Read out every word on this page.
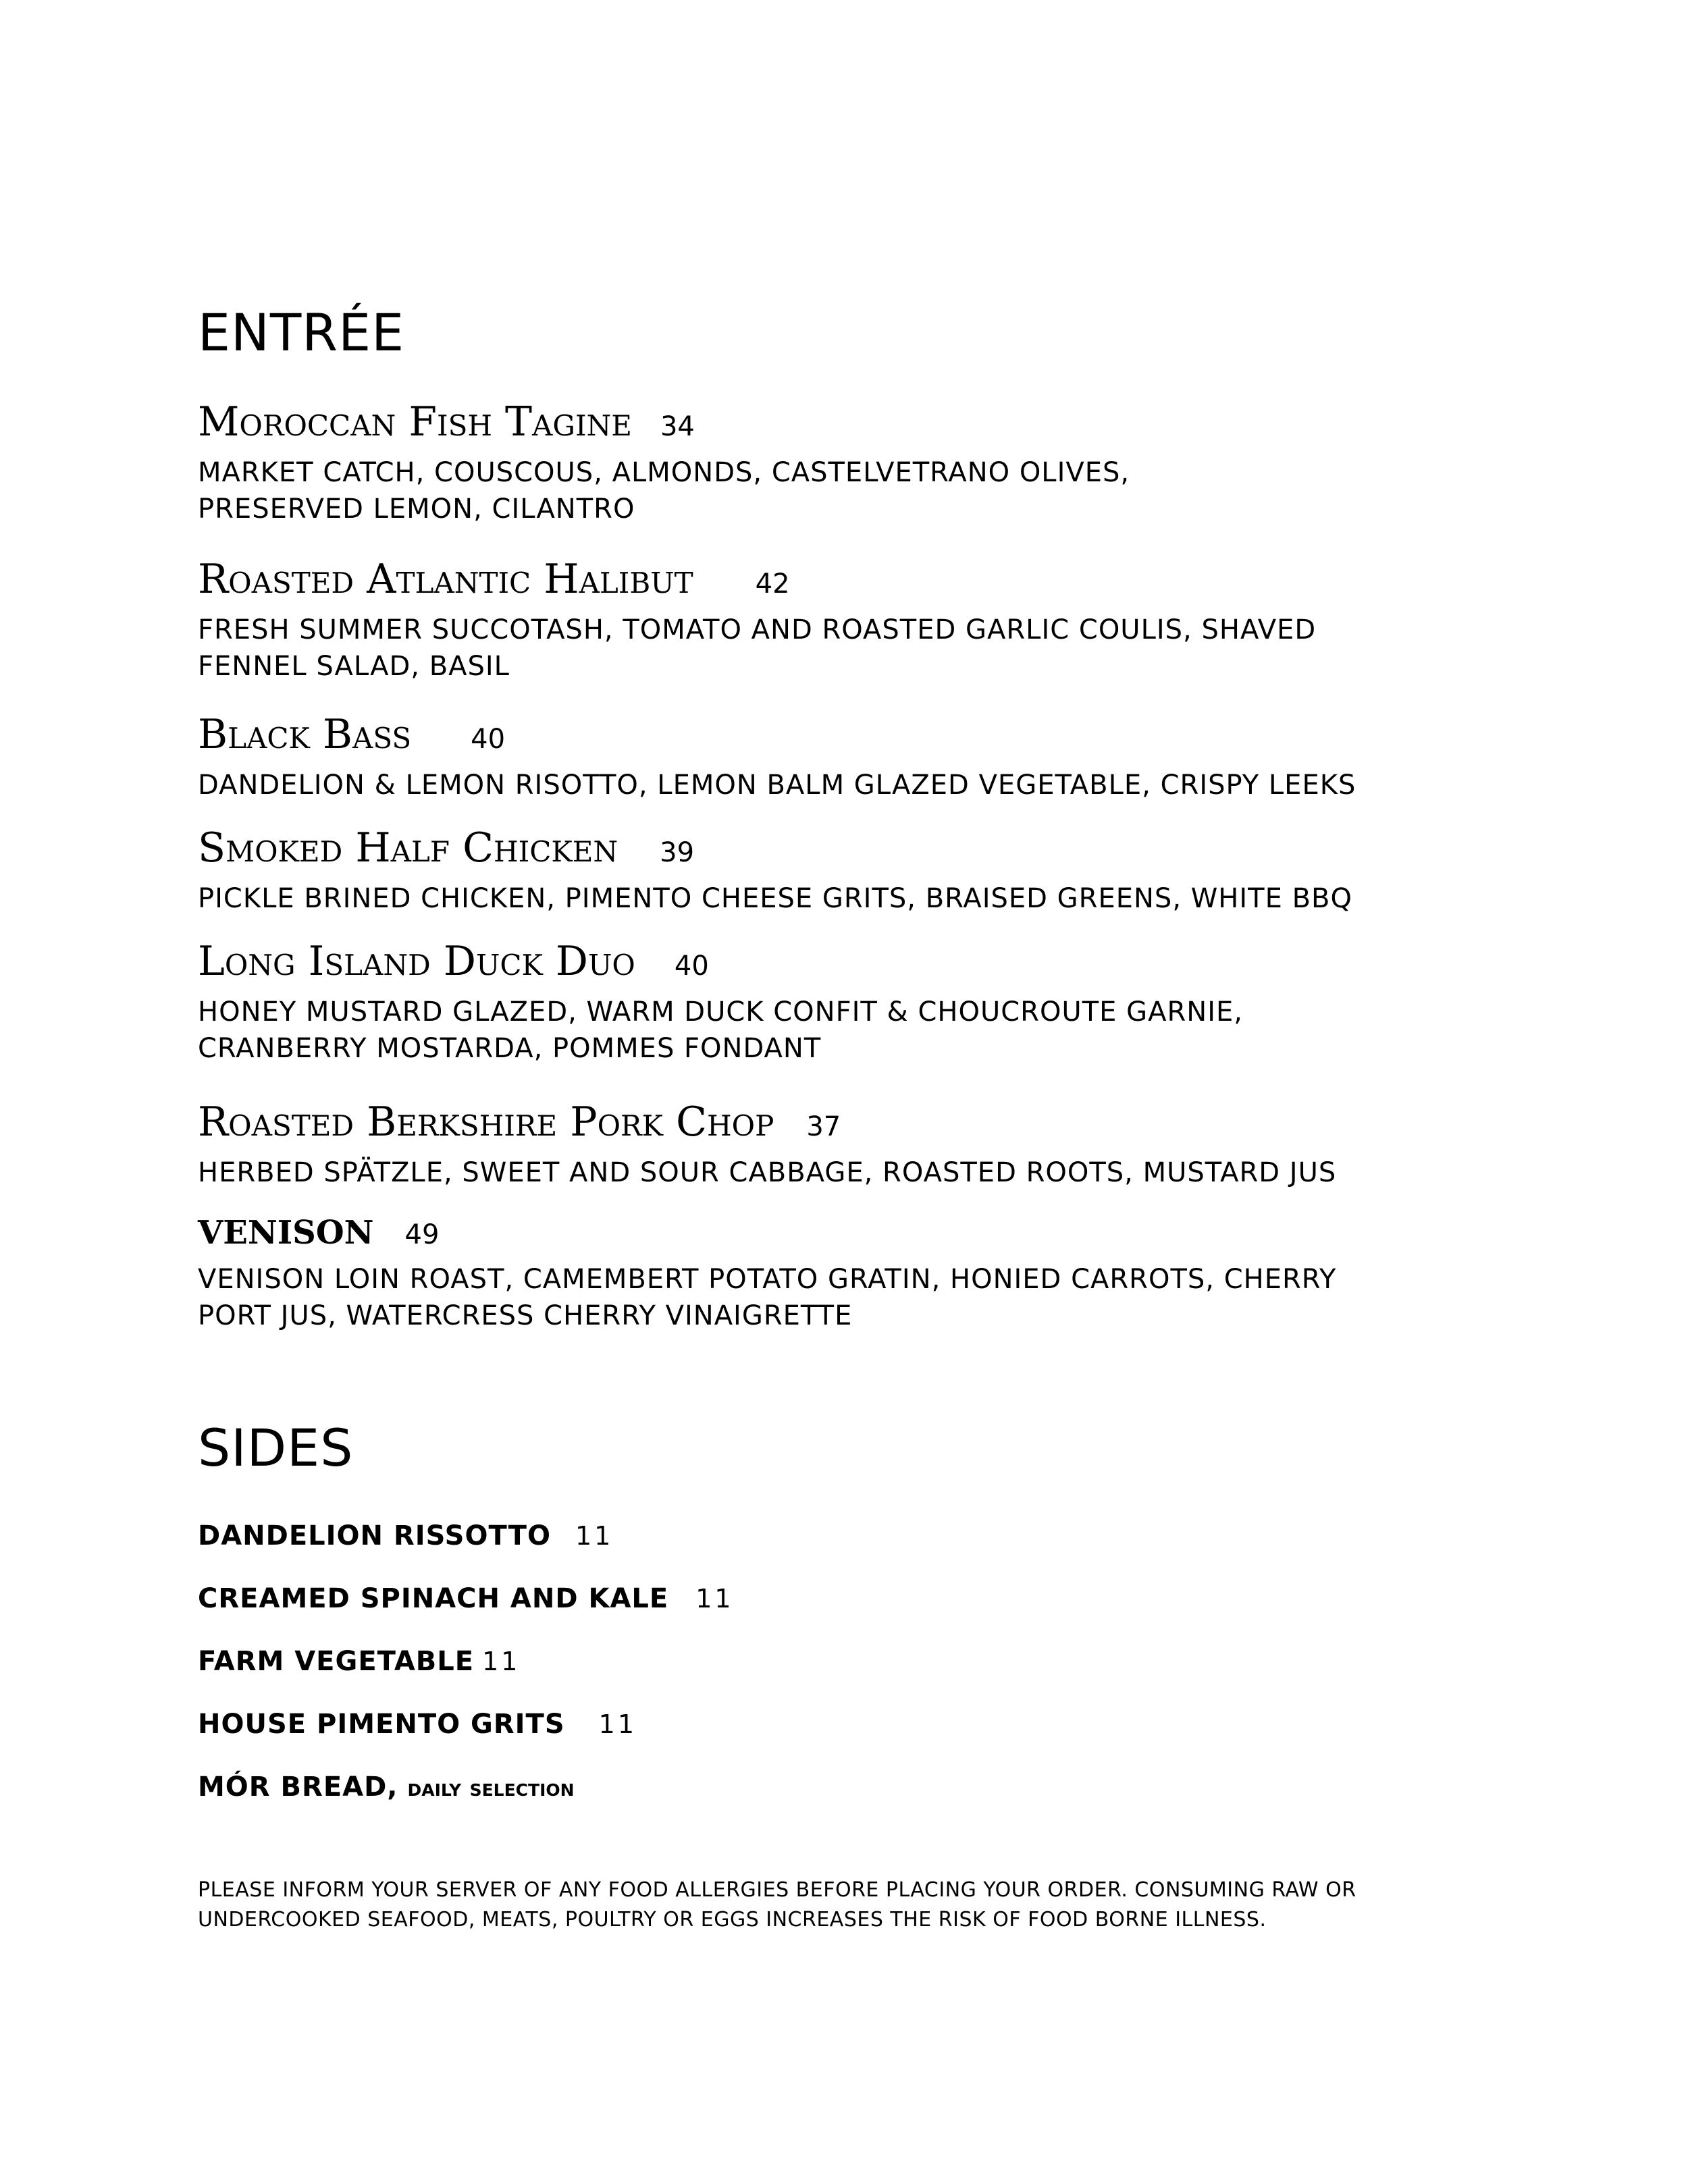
ENTRÉE
Moroccan Fish Tagine 34
MARKET CATCH, COUSCOUS, ALMONDS, CASTELVETRANO OLIVES,
PRESERVED LEMON, CILANTRO
Roasted Atlantic Halibut 42
FRESH SUMMER SUCCOTASH, TOMATO AND ROASTED GARLIC COULIS, SHAVED
FENNEL SALAD, BASIL
Black Bass 40
DANDELION & LEMON RISOTTO, LEMON BALM GLAZED VEGETABLE, CRISPY LEEKS
Smoked Half Chicken 39
PICKLE BRINED CHICKEN, PIMENTO CHEESE GRITS, BRAISED GREENS, WHITE BBQ
Long Island Duck Duo 40
HONEY MUSTARD GLAZED, WARM DUCK CONFIT & CHOUCROUTE GARNIE,
CRANBERRY MOSTARDA, POMMES FONDANT
Roasted Berkshire Pork Chop 37
HERBED SPÄTZLE, SWEET AND SOUR CABBAGE, ROASTED ROOTS, MUSTARD JUS
VENISON 49
VENISON LOIN ROAST, CAMEMBERT POTATO GRATIN, HONIED CARROTS, CHERRY
PORT JUS, WATERCRESS CHERRY VINAIGRETTE
SIDES
DANDELION RISSOTTO 11
CREAMED SPINACH AND KALE 11
FARM VEGETABLE 11
HOUSE PIMENTO GRITS 11
MÓR BREAD, daily selection
PLEASE INFORM YOUR SERVER OF ANY FOOD ALLERGIES BEFORE PLACING YOUR ORDER. CONSUMING RAW OR
UNDERCOOKED SEAFOOD, MEATS, POULTRY OR EGGS INCREASES THE RISK OF FOOD BORNE ILLNESS.
